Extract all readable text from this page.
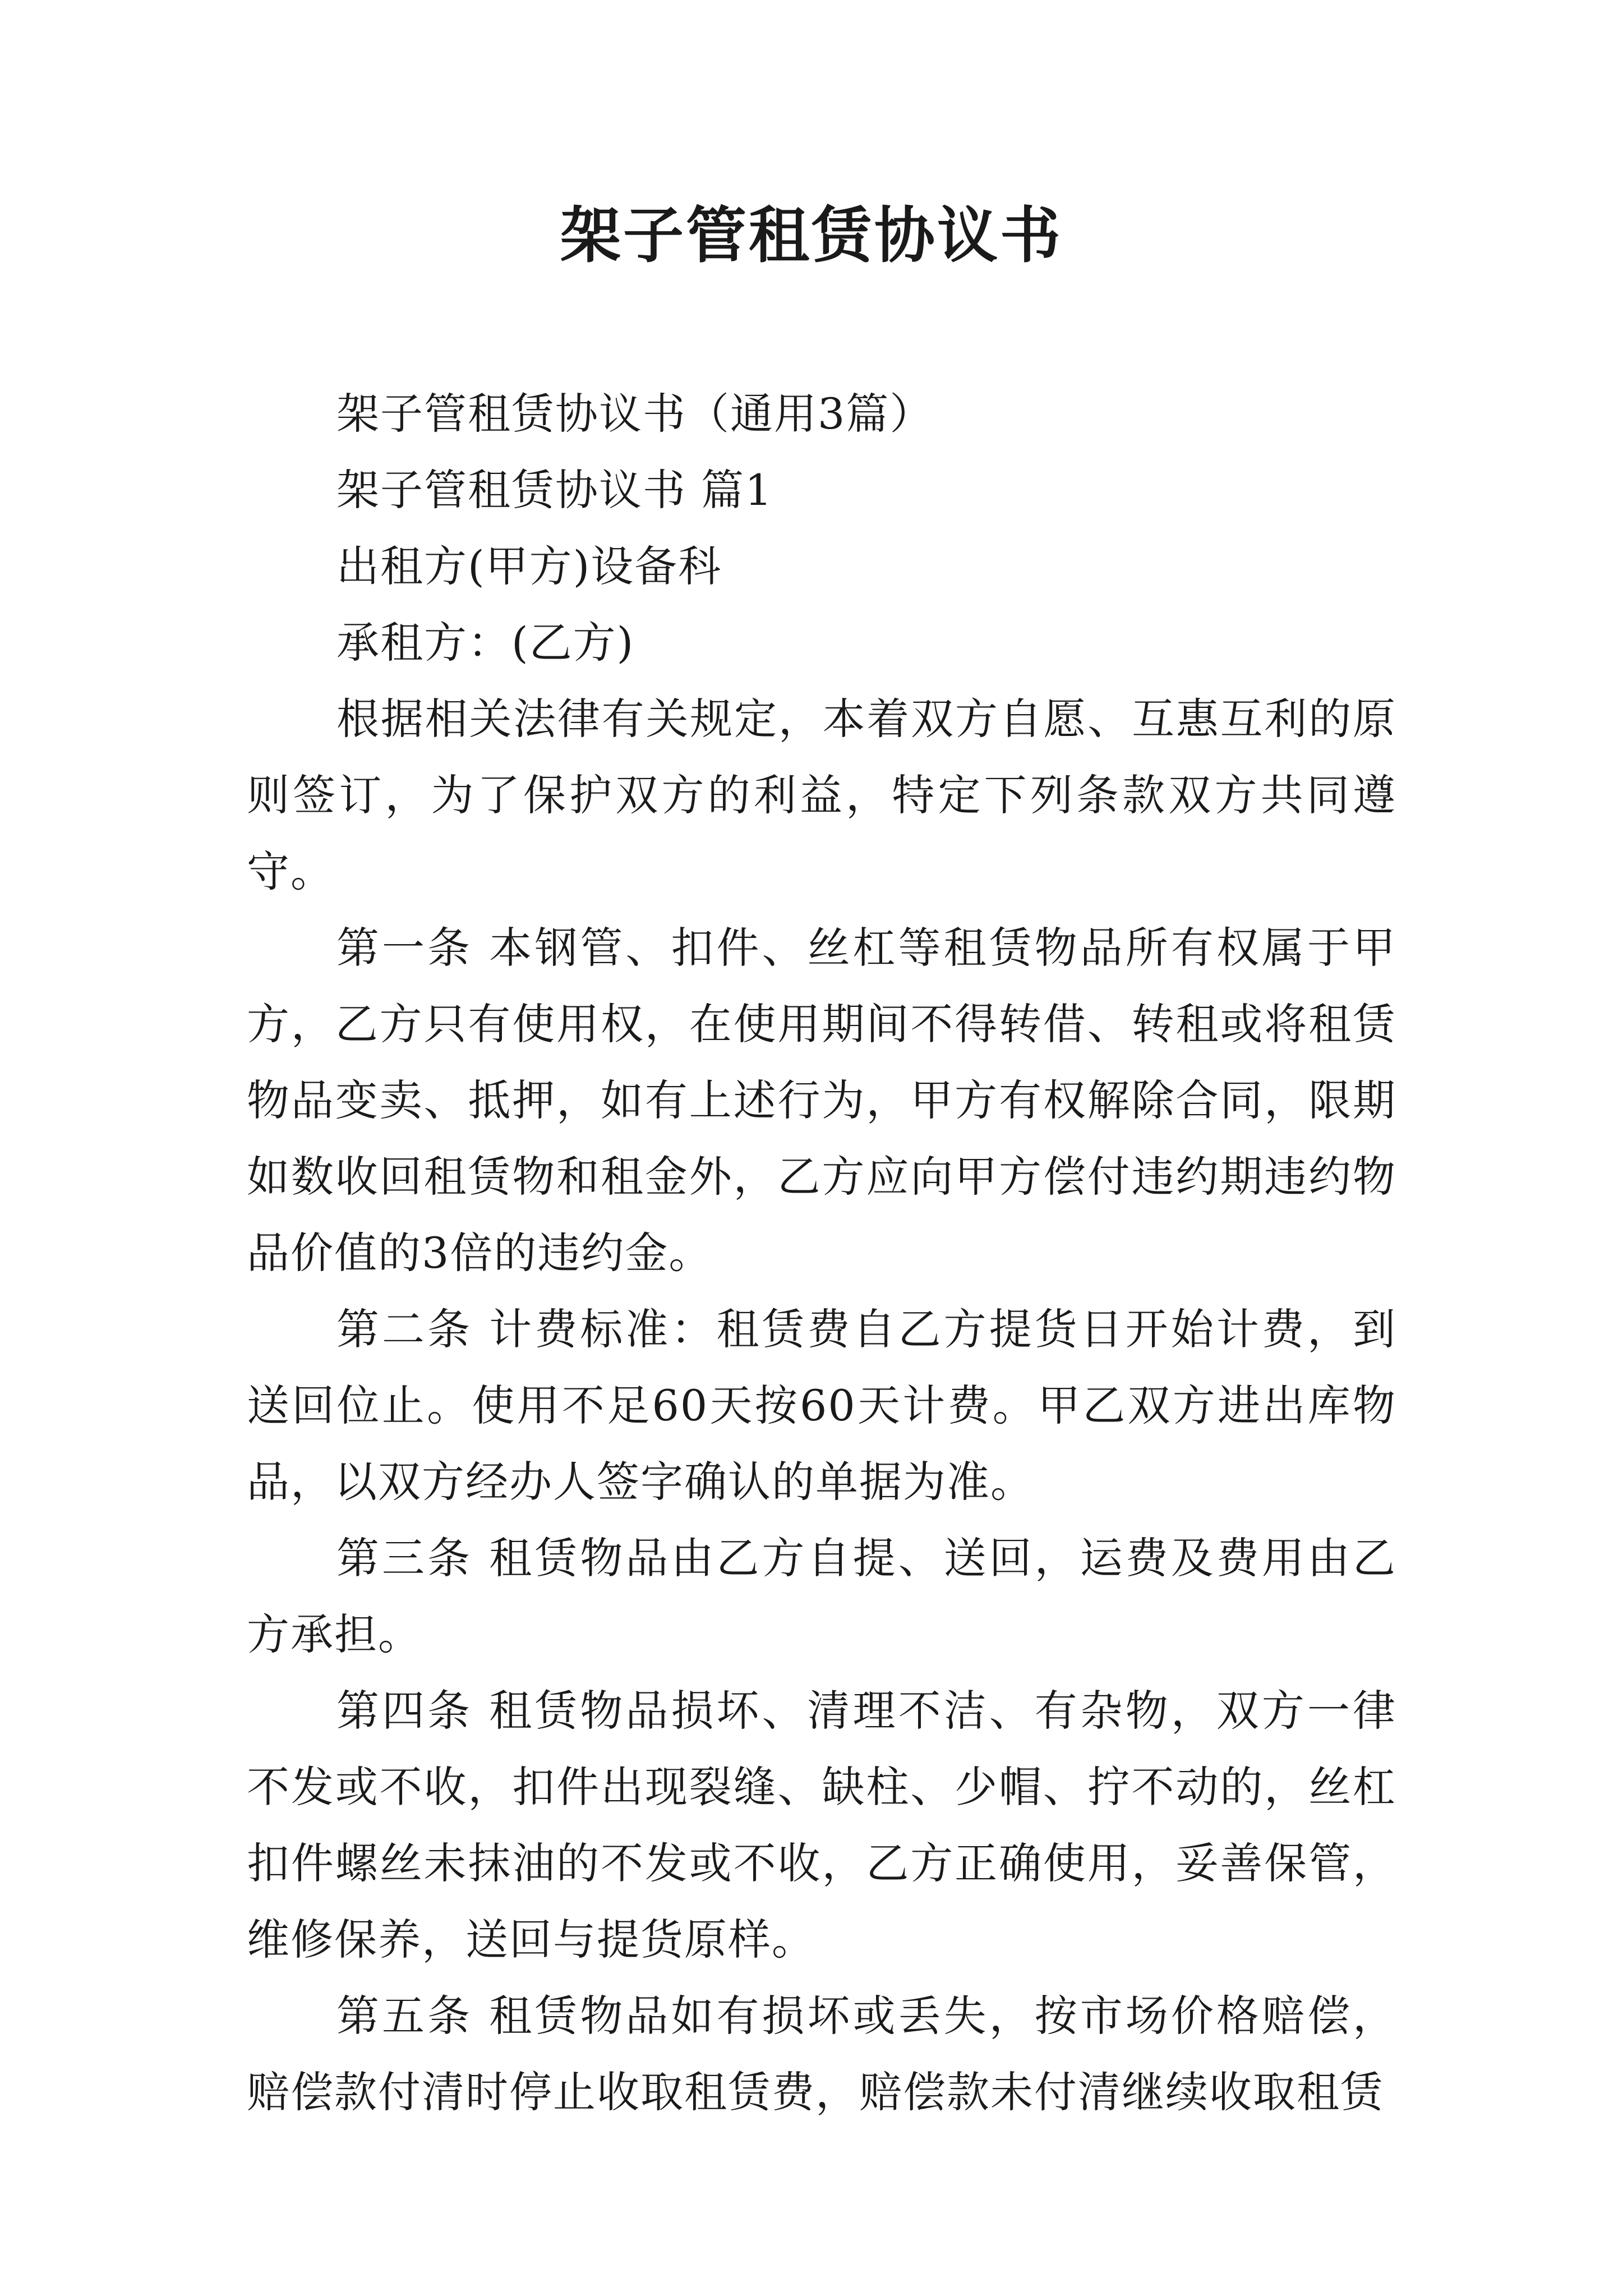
架子管租赁协议书

架子管租赁协议书（通用3篇）

架子管租赁协议书 篇1

出租方(甲方)设备科

承租方：(乙方)

根据相关法律有关规定，本着双方自愿、互惠互利的原则签订，为了保护双方的利益，特定下列条款双方共同遵守。

第一条 本钢管、扣件、丝杠等租赁物品所有权属于甲方，乙方只有使用权，在使用期间不得转借、转租或将租赁物品变卖、抵押，如有上述行为，甲方有权解除合同，限期如数收回租赁物和租金外，乙方应向甲方偿付违约期违约物品价值的3倍的违约金。

第二条 计费标准：租赁费自乙方提货日开始计费，到送回位止。使用不足60天按60天计费。甲乙双方进出库物品，以双方经办人签字确认的单据为准。

第三条 租赁物品由乙方自提、送回，运费及费用由乙方承担。

第四条 租赁物品损坏、清理不洁、有杂物，双方一律不发或不收，扣件出现裂缝、缺柱、少帽、拧不动的，丝杠扣件螺丝未抹油的不发或不收，乙方正确使用，妥善保管，维修保养，送回与提货原样。

第五条 租赁物品如有损坏或丢失，按市场价格赔偿，赔偿款付清时停止收取租赁费，赔偿款未付清继续收取租赁
